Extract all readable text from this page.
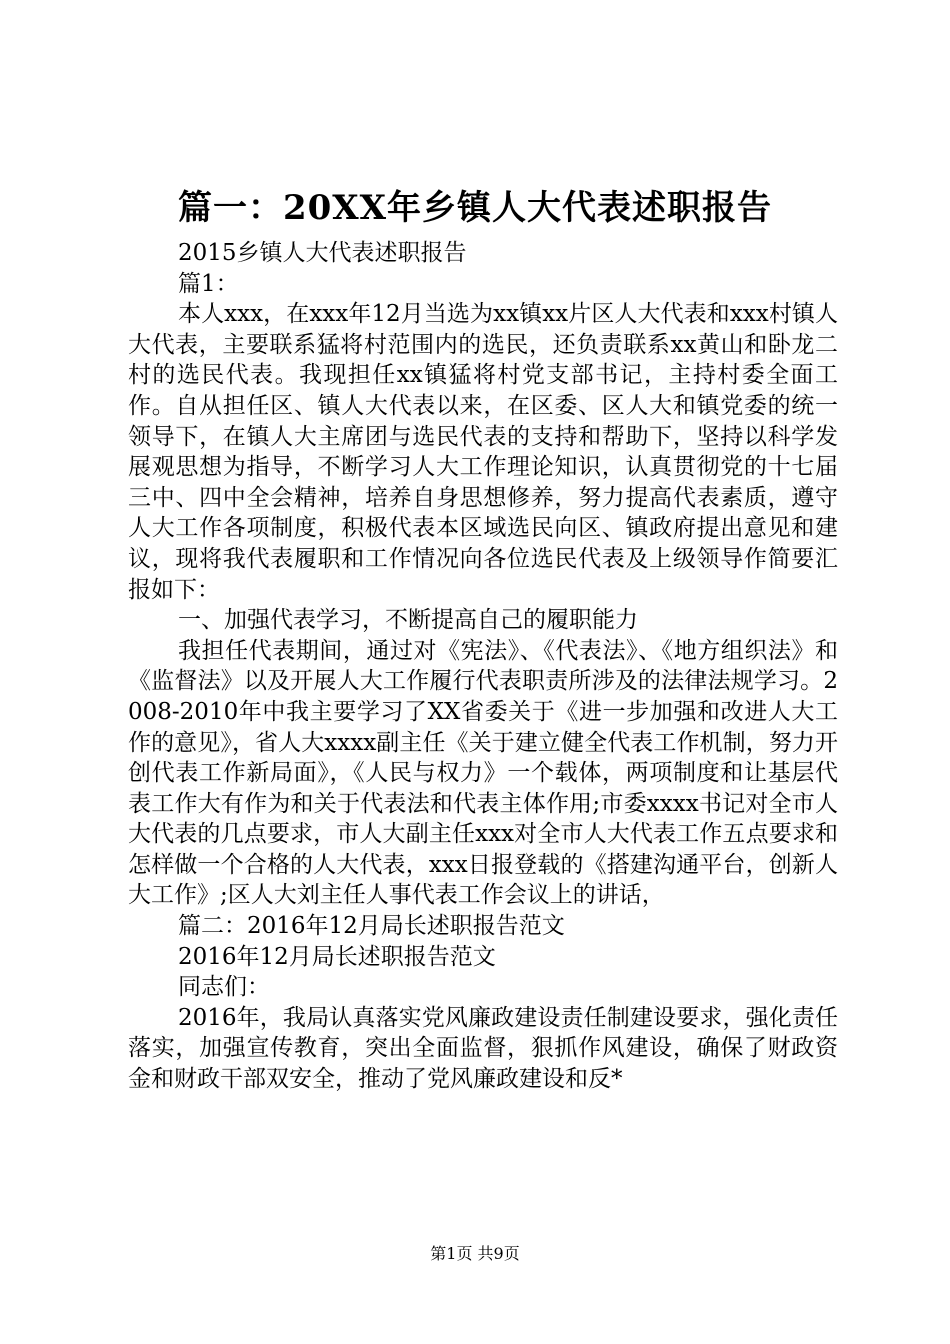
篇一：20XX年乡镇人大代表述职报告

2015乡镇人大代表述职报告

篇1：

本人xxx，在xxx年12月当选为xx镇xx片区人大代表和xxx村镇人大代表，主要联系猛将村范围内的选民，还负责联系xx黄山和卧龙二村的选民代表。我现担任xx镇猛将村党支部书记，主持村委全面工作。自从担任区、镇人大代表以来，在区委、区人大和镇党委的统一领导下，在镇人大主席团与选民代表的支持和帮助下，坚持以科学发展观思想为指导，不断学习人大工作理论知识，认真贯彻党的十七届三中、四中全会精神，培养自身思想修养，努力提高代表素质，遵守人大工作各项制度，积极代表本区域选民向区、镇政府提出意见和建议，现将我代表履职和工作情况向各位选民代表及上级领导作简要汇报如下：

一、加强代表学习，不断提高自己的履职能力

我担任代表期间，通过对《宪法》、《代表法》、《地方组织法》和《监督法》以及开展人大工作履行代表职责所涉及的法律法规学习。2008-2010年中我主要学习了XX省委关于《进一步加强和改进人大工作的意见》，省人大xxxx副主任《关于建立健全代表工作机制，努力开创代表工作新局面》，《人民与权力》一个载体，两项制度和让基层代表工作大有作为和关于代表法和代表主体作用;市委xxxx书记对全市人大代表的几点要求，市人大副主任xxx对全市人大代表工作五点要求和怎样做一个合格的人大代表，xxx日报登载的《搭建沟通平台，创新人大工作》;区人大刘主任人事代表工作会议上的讲话，

篇二：2016年12月局长述职报告范文

2016年12月局长述职报告范文

同志们：

2016年，我局认真落实党风廉政建设责任制建设要求，强化责任落实，加强宣传教育，突出全面监督，狠抓作风建设，确保了财政资金和财政干部双安全，推动了党风廉政建设和反*

第1页 共9页
